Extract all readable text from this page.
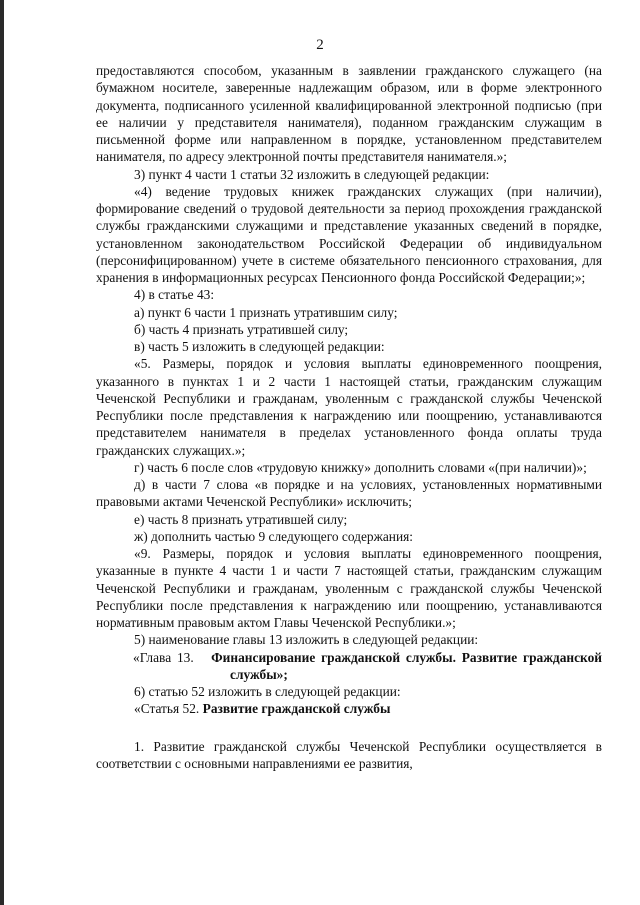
2

предоставляются способом, указанным в заявлении гражданского служащего (на бумажном носителе, заверенные надлежащим образом, или в форме электронного документа, подписанного усиленной квалифицированной электронной подписью (при ее наличии у представителя нанимателя), поданном гражданским служащим в письменной форме или направленном в порядке, установленном представителем нанимателя, по адресу электронной почты представителя нанимателя.»;

3) пункт 4 части 1 статьи 32 изложить в следующей редакции:

«4) ведение трудовых книжек гражданских служащих (при наличии), формирование сведений о трудовой деятельности за период прохождения гражданской службы гражданскими служащими и представление указанных сведений в порядке, установленном законодательством Российской Федерации об индивидуальном (персонифицированном) учете в системе обязательного пенсионного страхования, для хранения в информационных ресурсах Пенсионного фонда Российской Федерации;»;

4) в статье 43:

а) пункт 6 части 1 признать утратившим силу;

б) часть 4 признать утратившей силу;

в) часть 5 изложить в следующей редакции:

«5. Размеры, порядок и условия выплаты единовременного поощрения, указанного в пунктах 1 и 2 части 1 настоящей статьи, гражданским служащим Чеченской Республики и гражданам, уволенным с гражданской службы Чеченской Республики после представления к награждению или поощрению, устанавливаются представителем нанимателя в пределах установленного фонда оплаты труда гражданских служащих.»;

г) часть 6 после слов «трудовую книжку» дополнить словами «(при наличии)»;

д) в части 7 слова «в порядке и на условиях, установленных нормативными правовыми актами Чеченской Республики» исключить;

е) часть 8 признать утратившей силу;

ж) дополнить частью 9 следующего содержания:

«9. Размеры, порядок и условия выплаты единовременного поощрения, указанные в пункте 4 части 1 и части 7 настоящей статьи, гражданским служащим Чеченской Республики и гражданам, уволенным с гражданской службы Чеченской Республики после представления к награждению или поощрению, устанавливаются нормативным правовым актом Главы Чеченской Республики.»;

5) наименование главы 13 изложить в следующей редакции:

«Глава 13. Финансирование гражданской службы. Развитие гражданской службы»;

6) статью 52 изложить в следующей редакции:

«Статья 52. Развитие гражданской службы

1. Развитие гражданской службы Чеченской Республики осуществляется в соответствии с основными направлениями ее развития,
